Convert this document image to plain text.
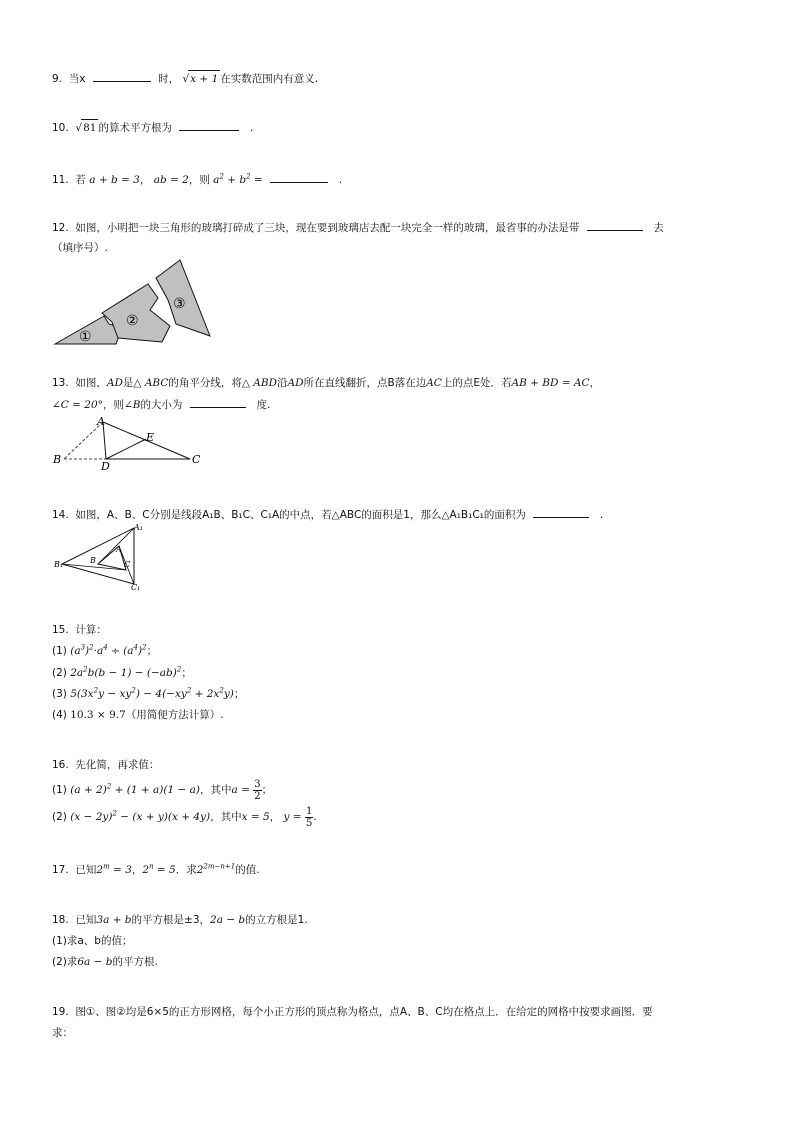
9. 当x	时， √x + 1 在实数范围内有意义.
10. √81 的算术平方根为	.
11. 若 a + b = 3， ab = 2，则 $a^2 + b^2$ =	.
12. 如图，小明把一块三角形的玻璃打碎成了三块，现在要到玻璃店去配一块完全一样的玻璃，最省事的办法是带	去
（填序号）.
①
②
③
13. 如图，AD是△ ABC的角平分线，将△ ABD沿AD所在直线翻折，点B落在边AC上的点E处．若AB + BD = AC，
∠C = 20°，则∠B的大小为	度.
A
B	C
D
E
14. 如图，A、B、C分别是线段A₁B、B₁C、C₁A的中点，若△ABC的面积是1，那么△A₁B₁C₁的面积为	.
A₁
B₁
C₁
A
B	C
15. 计算：
(1) $(a^3)^2\cdot a^4 \div (a^4)^2$；
(2) $2a^2b(b - 1) - (-ab)^2$；
(3) $5(3x^2y - xy^2) - 4(-xy^2 + 2x^2y)$；
(4) 10.3 × 9.7（用简便方法计算）.
16. 先化简，再求值：
(1) $(a + 2)^2 + (1 + a)(1 - a)$，其中$a = \frac{3}{2}$ ；
(2) $(x - 2y)^2 - (x + y)(x + 4y)$，其中x = 5， $y = \frac{1}{5}$ .
17. 已知$2^m = 3$，$2^n = 5$．求$2^{2m-n+1}$的值.
18. 已知3a + b的平方根是±3，2a − b的立方根是1.
(1)求a、b的值；
(2)求6a − b的平方根.
19. 图①、图②均是6×5的正方形网格，每个小正方形的顶点称为格点，点A、B、C均在格点上．在给定的网格中按要求画图．要
求：
